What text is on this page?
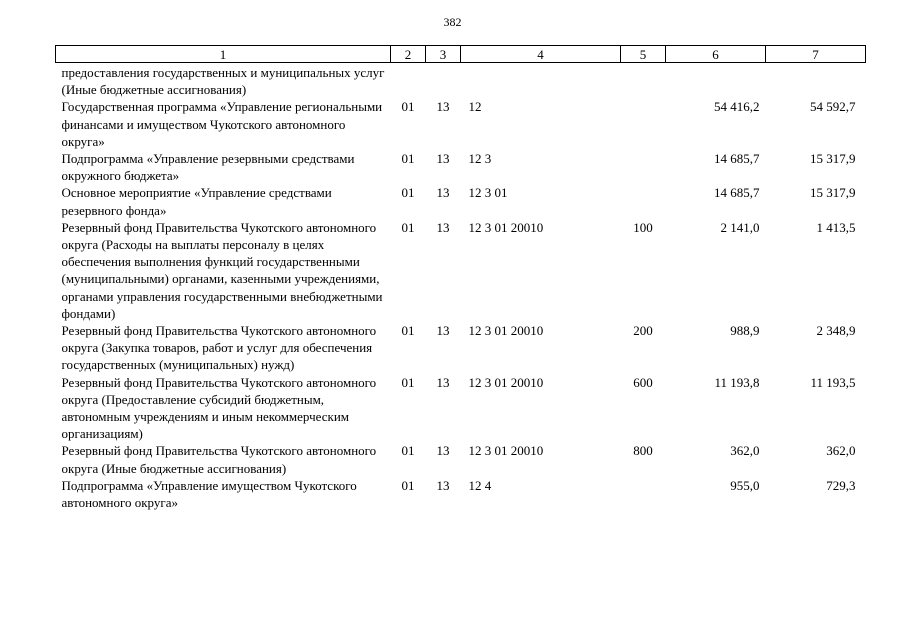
382
1	2	3	4	5	6	7
предоставления государственных и муниципальных услуг (Иные бюджетные ассигнования)						
Государственная программа «Управление региональными финансами и имуществом Чукотского автономного округа»	01	13	12		54 416,2	54 592,7
Подпрограмма «Управление резервными средствами окружного бюджета»	01	13	12 3		14 685,7	15 317,9
Основное мероприятие «Управление средствами резервного фонда»	01	13	12 3 01		14 685,7	15 317,9
Резервный фонд Правительства Чукотского автономного округа (Расходы на выплаты персоналу в целях обеспечения выполнения функций государственными (муниципальными) органами, казенными учреждениями, органами управления государственными внебюджетными фондами)	01	13	12 3 01 20010	100	2 141,0	1 413,5
Резервный фонд Правительства Чукотского автономного округа (Закупка товаров, работ и услуг для обеспечения государственных (муниципальных) нужд)	01	13	12 3 01 20010	200	988,9	2 348,9
Резервный фонд Правительства Чукотского автономного округа (Предоставление субсидий бюджетным, автономным учреждениям и иным некоммерческим организациям)	01	13	12 3 01 20010	600	11 193,8	11 193,5
Резервный фонд Правительства Чукотского автономного округа (Иные бюджетные ассигнования)	01	13	12 3 01 20010	800	362,0	362,0
Подпрограмма «Управление имуществом Чукотского автономного округа»	01	13	12 4		955,0	729,3
